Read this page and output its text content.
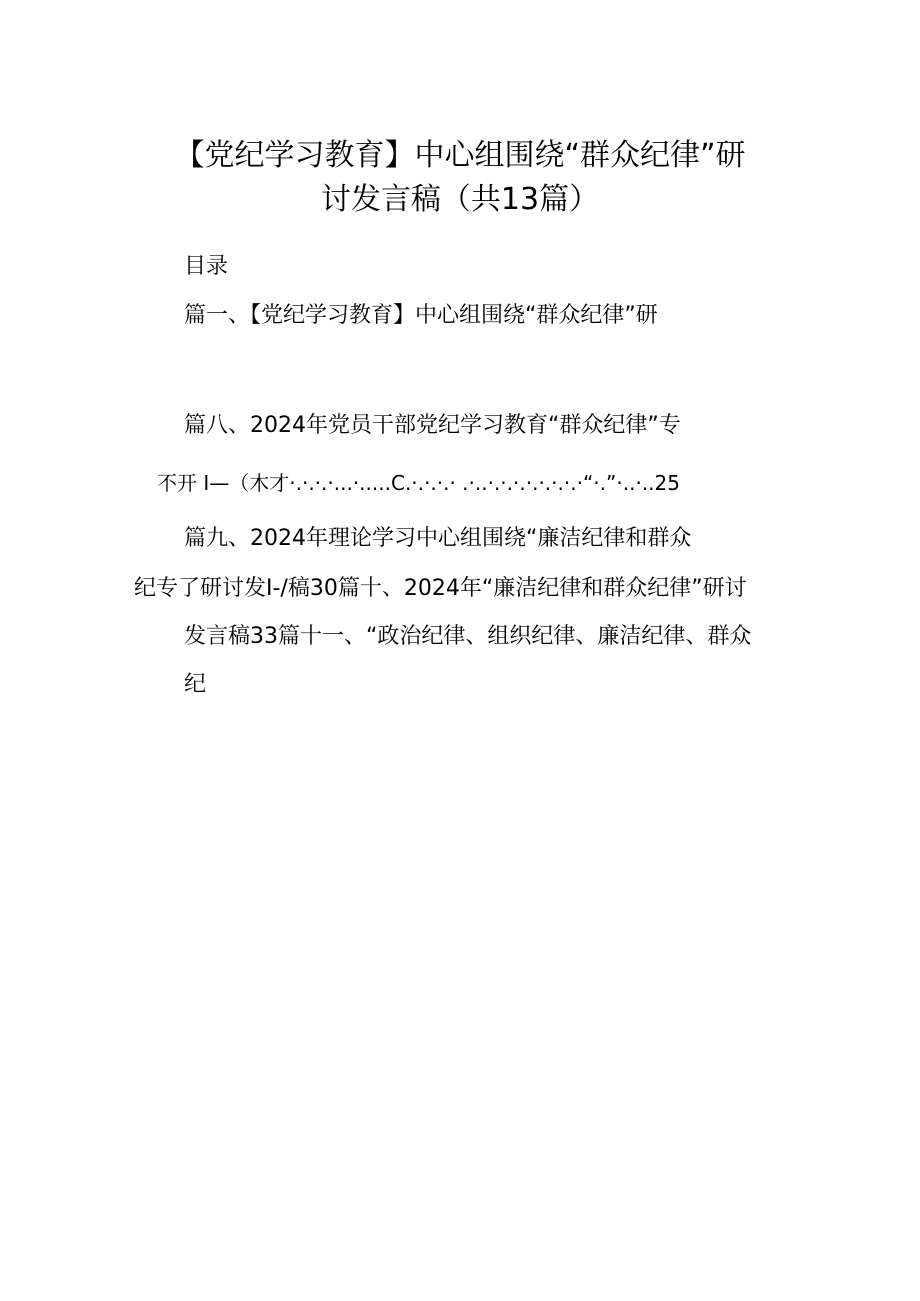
【党纪学习教育】中心组围绕“群众纪律”研
讨发言稿（共13篇）
目录
篇一、【党纪学习教育】中心组围绕“群众纪律”研
篇八、2024年党员干部党纪学习教育“群众纪律”专
不开 I—（木才·.·.·.·...·.....C.·.·.·.· .·..·.·.·.·.·.·.·.·“·.”·..·..25
篇九、2024年理论学习中心组围绕“廉洁纪律和群众
纪专了研讨发I-/稿30篇十、2024年“廉洁纪律和群众纪律”研讨
发言稿33篇十一、“政治纪律、组织纪律、廉洁纪律、群众
纪
